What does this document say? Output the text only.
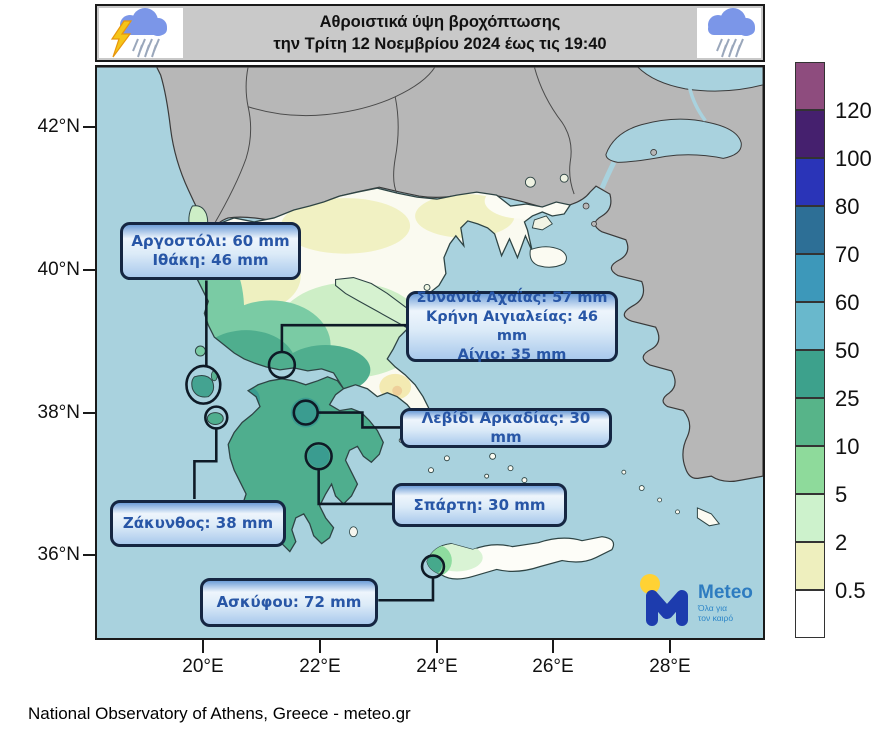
Αθροιστικά ύψη βροχόπτωσης
την Τρίτη 12 Νοεμβρίου 2024 έως τις 19:40
Αργοστόλι: 60 mm
Ιθάκη: 46 mm
Συνανιά Αχαΐας: 57 mm
Κρήνη Αιγιαλείας: 46 mm
Αίγιο: 35 mm
Λεβίδι Αρκαδίας: 30 mm
Σπάρτη: 30 mm
Ζάκυνθος: 38 mm
Ασκύφου: 72 mm
120
100
80
70
60
50
25
10
5
2
0.5
42°N
40°N
38°N
36°N
20°E	22°E	24°E	26°E	28°E
Meteo
Όλα για
τον καιρό
National Observatory of Athens, Greece - meteo.gr
